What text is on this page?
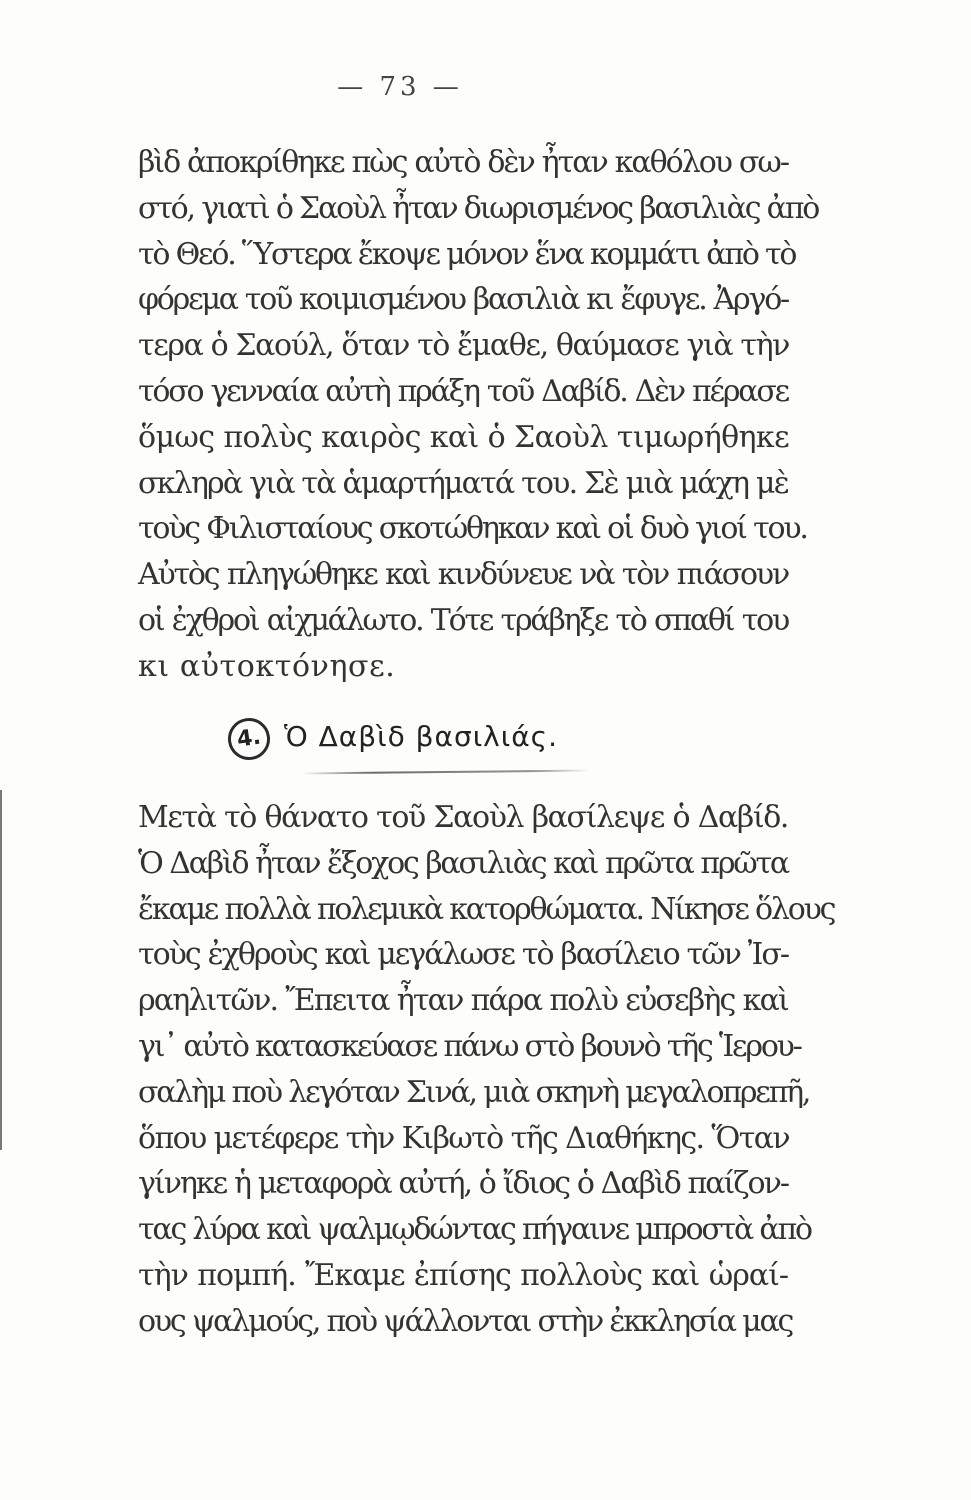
— 73 —
βὶδ ἀποκρίθηκε πὼς αὐτὸ δὲν ἦταν καθόλου σω-
στό, γιατὶ ὁ Σαοὺλ ἦταν διωρισμένος βασιλιὰς ἀπὸ
τὸ Θεό. Ὕστερα ἔκοψε μόνον ἕνα κομμάτι ἀπὸ τὸ
φόρεμα τοῦ κοιμισμένου βασιλιὰ κι ἔφυγε. Ἀργό-
τερα ὁ Σαούλ, ὅταν τὸ ἔμαθε, θαύμασε γιὰ τὴν
τόσο γενναία αὐτὴ πράξη τοῦ Δαβίδ. Δὲν πέρασε
ὅμως πολὺς καιρὸς καὶ ὁ Σαοὺλ τιμωρήθηκε
σκληρὰ γιὰ τὰ ἁμαρτήματά του. Σὲ μιὰ μάχη μὲ
τοὺς Φιλισταίους σκοτώθηκαν καὶ οἱ δυὸ γιοί του.
Αὐτὸς πληγώθηκε καὶ κινδύνευε νὰ τὸν πιάσουν
οἱ ἐχθροὶ αἰχμάλωτο. Τότε τράβηξε τὸ σπαθί του
κι αὐτοκτόνησε.
4. Ὁ Δαβὶδ βασιλιάς.
Μετὰ τὸ θάνατο τοῦ Σαοὺλ βασίλεψε ὁ Δαβίδ.
Ὁ Δαβὶδ ἦταν ἔξοχος βασιλιὰς καὶ πρῶτα πρῶτα
ἔκαμε πολλὰ πολεμικὰ κατορθώματα. Νίκησε ὅλους
τοὺς ἐχθροὺς καὶ μεγάλωσε τὸ βασίλειο τῶν Ἰσ-
ραηλιτῶν. Ἔπειτα ἦταν πάρα πολὺ εὐσεβὴς καὶ
γι᾽ αὐτὸ κατασκεύασε πάνω στὸ βουνὸ τῆς Ἱερου-
σαλὴμ ποὺ λεγόταν Σινά, μιὰ σκηνὴ μεγαλοπρεπῆ,
ὅπου μετέφερε τὴν Κιβωτὸ τῆς Διαθήκης. Ὅταν
γίνηκε ἡ μεταφορὰ αὐτή, ὁ ἴδιος ὁ Δαβὶδ παίζον-
τας λύρα καὶ ψαλμῳδώντας πήγαινε μπροστὰ ἀπὸ
τὴν πομπή. Ἔκαμε ἐπίσης πολλοὺς καὶ ὡραί-
ους ψαλμούς, ποὺ ψάλλονται στὴν ἐκκλησία μας
